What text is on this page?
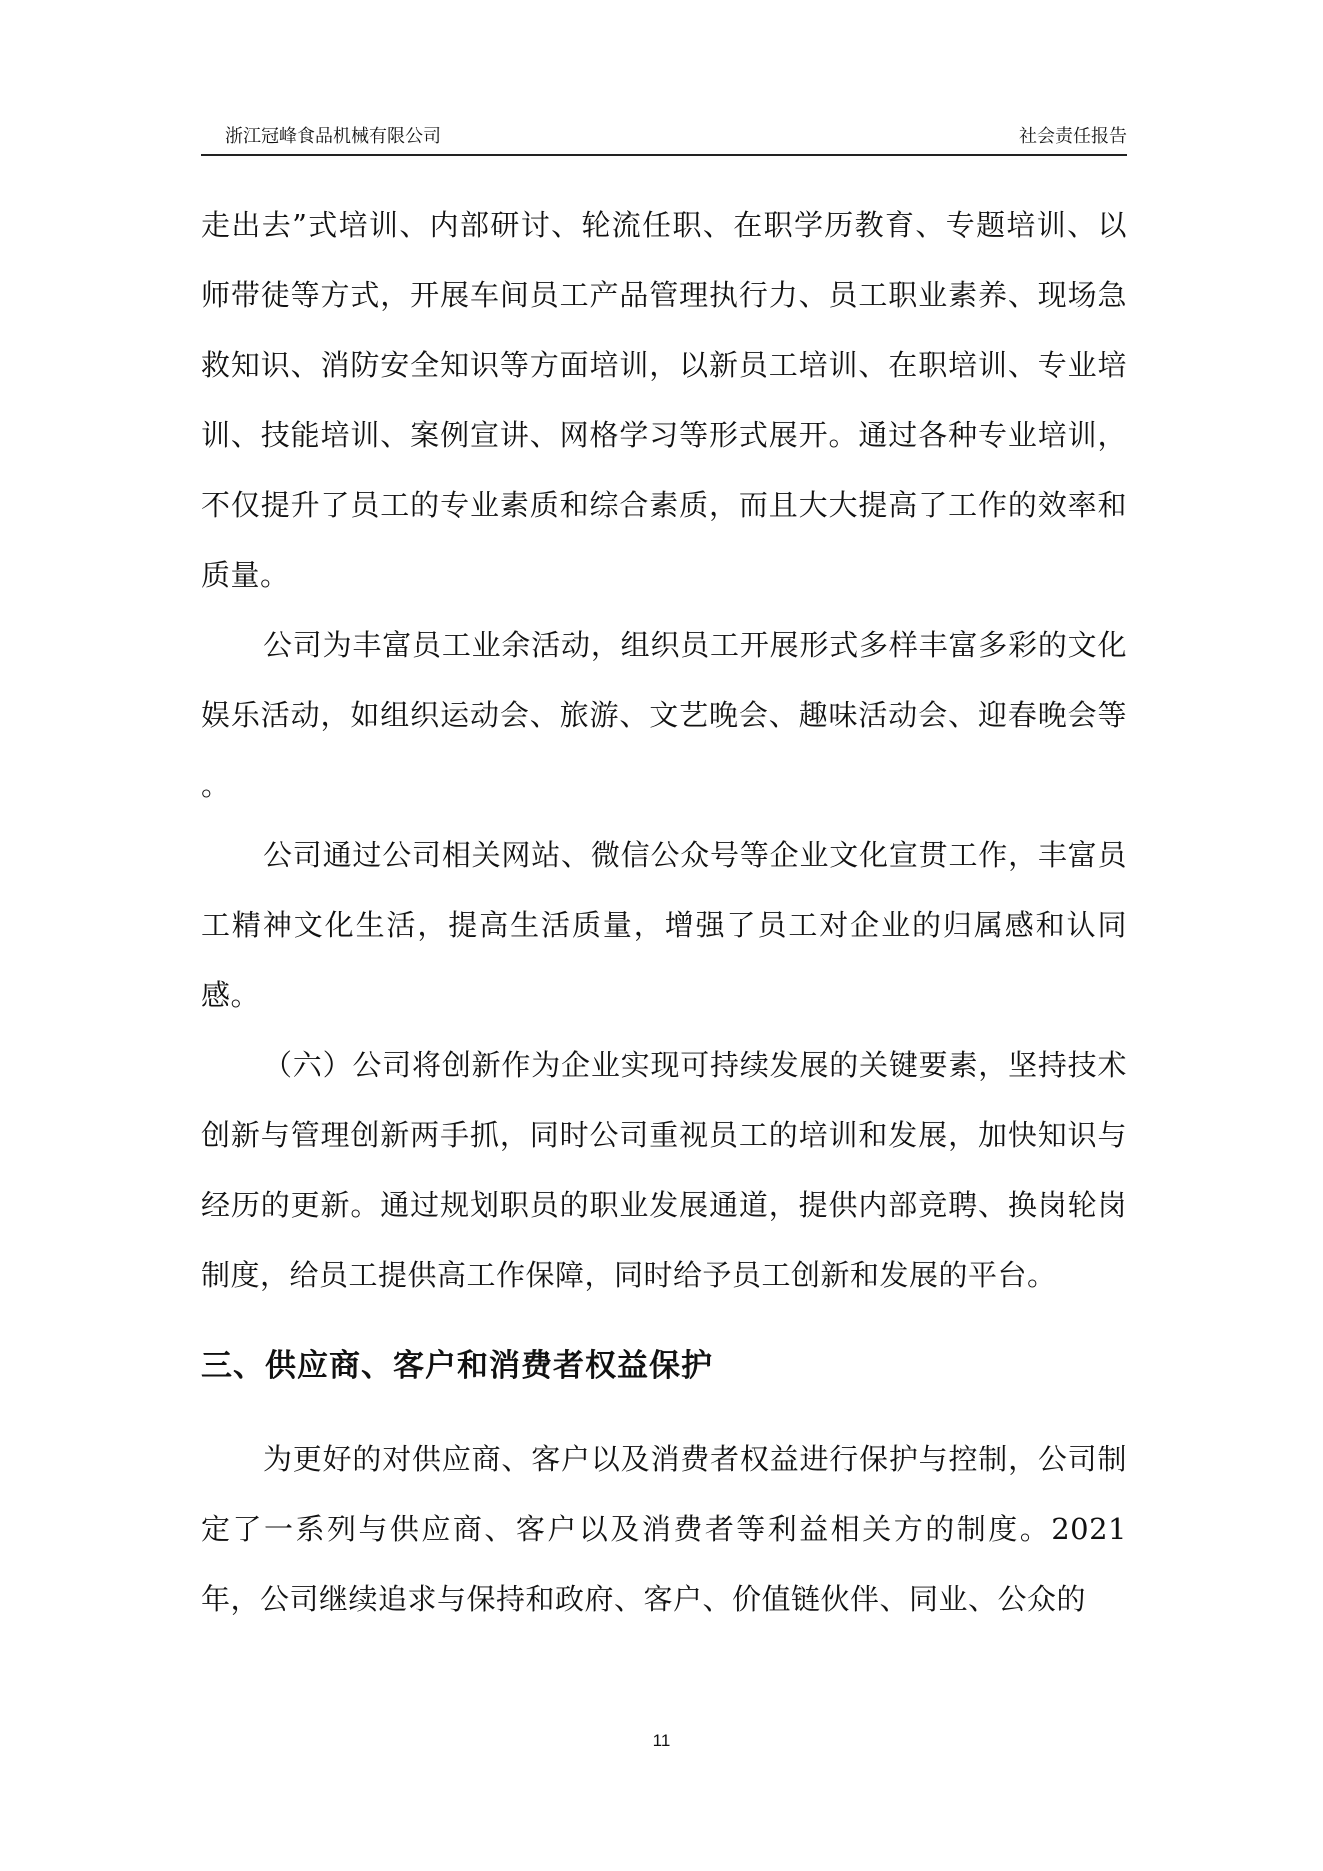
浙江冠峰食品机械有限公司	社会责任报告

走出去”式培训、内部研讨、轮流任职、在职学历教育、专题培训、以师带徒等方式，开展车间员工产品管理执行力、员工职业素养、现场急救知识、消防安全知识等方面培训，以新员工培训、在职培训、专业培训、技能培训、案例宣讲、网格学习等形式展开。通过各种专业培训，不仅提升了员工的专业素质和综合素质，而且大大提高了工作的效率和质量。

公司为丰富员工业余活动，组织员工开展形式多样丰富多彩的文化娱乐活动，如组织运动会、旅游、文艺晚会、趣味活动会、迎春晚会等 。

公司通过公司相关网站、微信公众号等企业文化宣贯工作，丰富员工精神文化生活，提高生活质量，增强了员工对企业的归属感和认同感。

（六）公司将创新作为企业实现可持续发展的关键要素，坚持技术创新与管理创新两手抓，同时公司重视员工的培训和发展，加快知识与经历的更新。通过规划职员的职业发展通道，提供内部竞聘、换岗轮岗制度，给员工提供高工作保障，同时给予员工创新和发展的平台。

三、供应商、客户和消费者权益保护

为更好的对供应商、客户以及消费者权益进行保护与控制，公司制定了一系列与供应商、客户以及消费者等利益相关方的制度。2021年，公司继续追求与保持和政府、客户、价值链伙伴、同业、公众的

11
